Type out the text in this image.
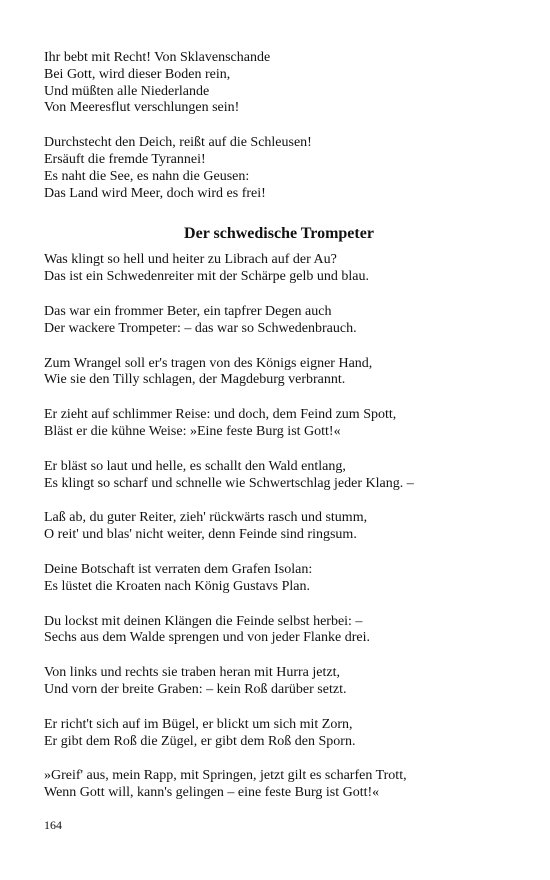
Ihr bebt mit Recht! Von Sklavenschande
Bei Gott, wird dieser Boden rein,
Und müßten alle Niederlande
Von Meeresflut verschlungen sein!
Durchstecht den Deich, reißt auf die Schleusen!
Ersäuft die fremde Tyrannei!
Es naht die See, es nahn die Geusen:
Das Land wird Meer, doch wird es frei!
Der schwedische Trompeter
Was klingt so hell und heiter zu Librach auf der Au?
Das ist ein Schwedenreiter mit der Schärpe gelb und blau.
Das war ein frommer Beter, ein tapfrer Degen auch
Der wackere Trompeter: – das war so Schwedenbrauch.
Zum Wrangel soll er's tragen von des Königs eigner Hand,
Wie sie den Tilly schlagen, der Magdeburg verbrannt.
Er zieht auf schlimmer Reise: und doch, dem Feind zum Spott,
Bläst er die kühne Weise: »Eine feste Burg ist Gott!«
Er bläst so laut und helle, es schallt den Wald entlang,
Es klingt so scharf und schnelle wie Schwertschlag jeder Klang. –
Laß ab, du guter Reiter, zieh' rückwärts rasch und stumm,
O reit' und blas' nicht weiter, denn Feinde sind ringsum.
Deine Botschaft ist verraten dem Grafen Isolan:
Es lüstet die Kroaten nach König Gustavs Plan.
Du lockst mit deinen Klängen die Feinde selbst herbei: –
Sechs aus dem Walde sprengen und von jeder Flanke drei.
Von links und rechts sie traben heran mit Hurra jetzt,
Und vorn der breite Graben: – kein Roß darüber setzt.
Er richt't sich auf im Bügel, er blickt um sich mit Zorn,
Er gibt dem Roß die Zügel, er gibt dem Roß den Sporn.
»Greif' aus, mein Rapp, mit Springen, jetzt gilt es scharfen Trott,
Wenn Gott will, kann's gelingen – eine feste Burg ist Gott!«
164
